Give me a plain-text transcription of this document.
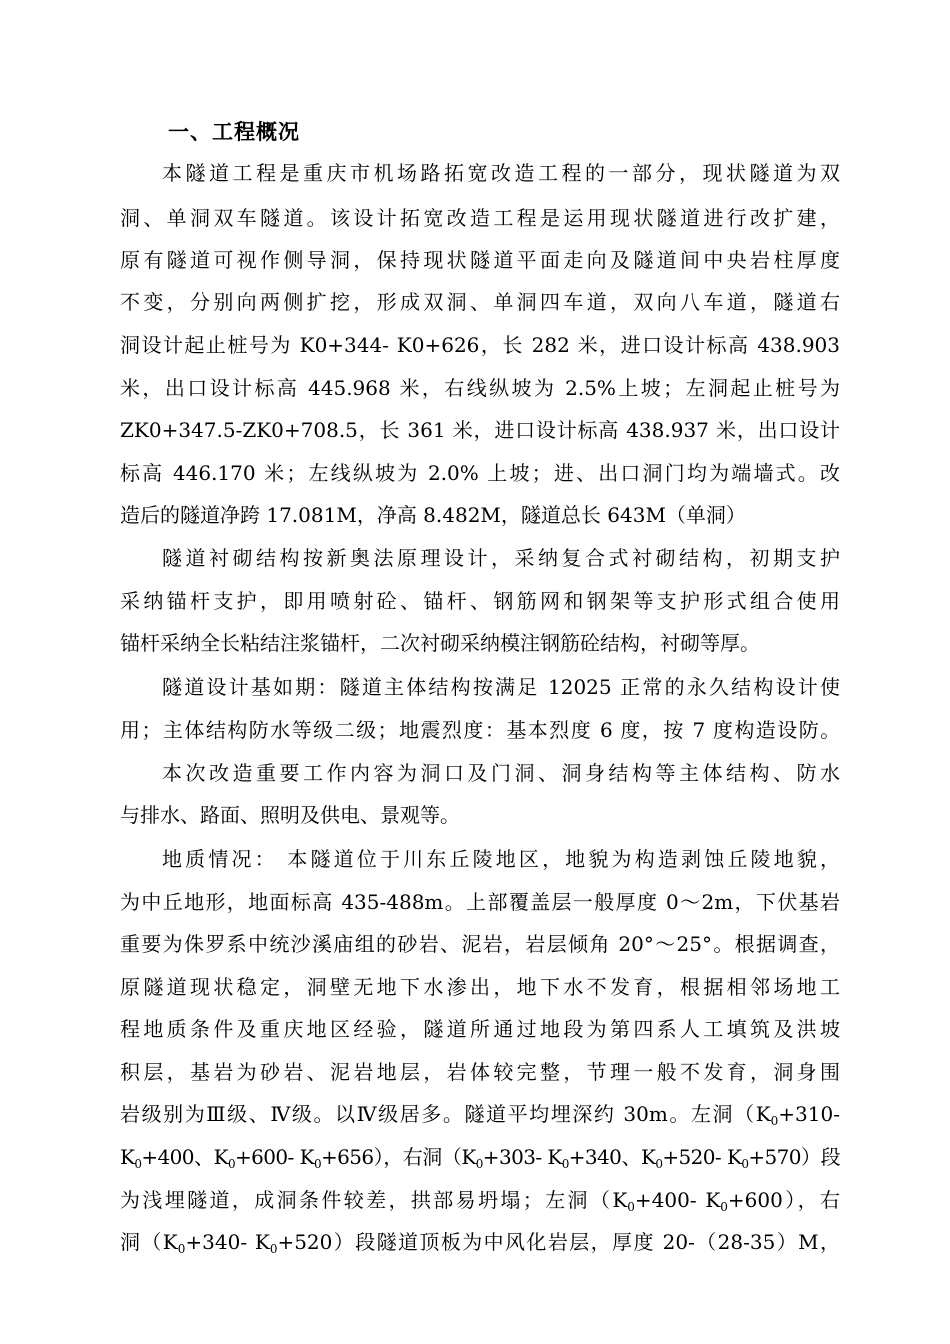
一、工程概况
本隧道工程是重庆市机场路拓宽改造工程的一部分，现状隧道为双
洞、单洞双车隧道。该设计拓宽改造工程是运用现状隧道进行改扩建，
原有隧道可视作侧导洞，保持现状隧道平面走向及隧道间中央岩柱厚度
不变，分别向两侧扩挖，形成双洞、单洞四车道，双向八车道，隧道右
洞设计起止桩号为 K0+344- K0+626，长 282 米，进口设计标高 438.903
米，出口设计标高 445.968 米，右线纵坡为 2.5%上坡；左洞起止桩号为
ZK0+347.5-ZK0+708.5，长 361 米，进口设计标高 438.937 米，出口设计
标高 446.170 米；左线纵坡为 2.0% 上坡；进、出口洞门均为端墙式。改
造后的隧道净跨 17.081M，净高 8.482M，隧道总长 643M（单洞）
隧道衬砌结构按新奥法原理设计，采纳复合式衬砌结构，初期支护
采纳锚杆支护，即用喷射砼、锚杆、钢筋网和钢架等支护形式组合使用
锚杆采纳全长粘结注浆锚杆，二次衬砌采纳模注钢筋砼结构，衬砌等厚。
隧道设计基如期：隧道主体结构按满足 12025 正常的永久结构设计使
用；主体结构防水等级二级；地震烈度：基本烈度 6 度，按 7 度构造设防。
本次改造重要工作内容为洞口及门洞、洞身结构等主体结构、防水
与排水、路面、照明及供电、景观等。
地质情况： 本隧道位于川东丘陵地区，地貌为构造剥蚀丘陵地貌，
为中丘地形，地面标高 435-488m。上部覆盖层一般厚度 0～2m，下伏基岩
重要为侏罗系中统沙溪庙组的砂岩、泥岩，岩层倾角 20°～25°。根据调查，
原隧道现状稳定，洞壁无地下水渗出，地下水不发育，根据相邻场地工
程地质条件及重庆地区经验，隧道所通过地段为第四系人工填筑及洪坡
积层，基岩为砂岩、泥岩地层，岩体较完整，节理一般不发育，洞身围
岩级别为Ⅲ级、Ⅳ级。以Ⅳ级居多。隧道平均埋深约 30m。左洞（$K_0+310-$
$K_0+400$、$K_0+600-$ $K_0+656$），右洞（$K_0+303-$ $K_0+340$、$K_0+520-$ $K_0+570$）段
为浅埋隧道，成洞条件较差，拱部易坍塌；左洞（$K_0+400-$ $K_0+600$），右
洞（$K_0+340-$ $K_0+520$）段隧道顶板为中风化岩层，厚度 20-（28-35）M，
